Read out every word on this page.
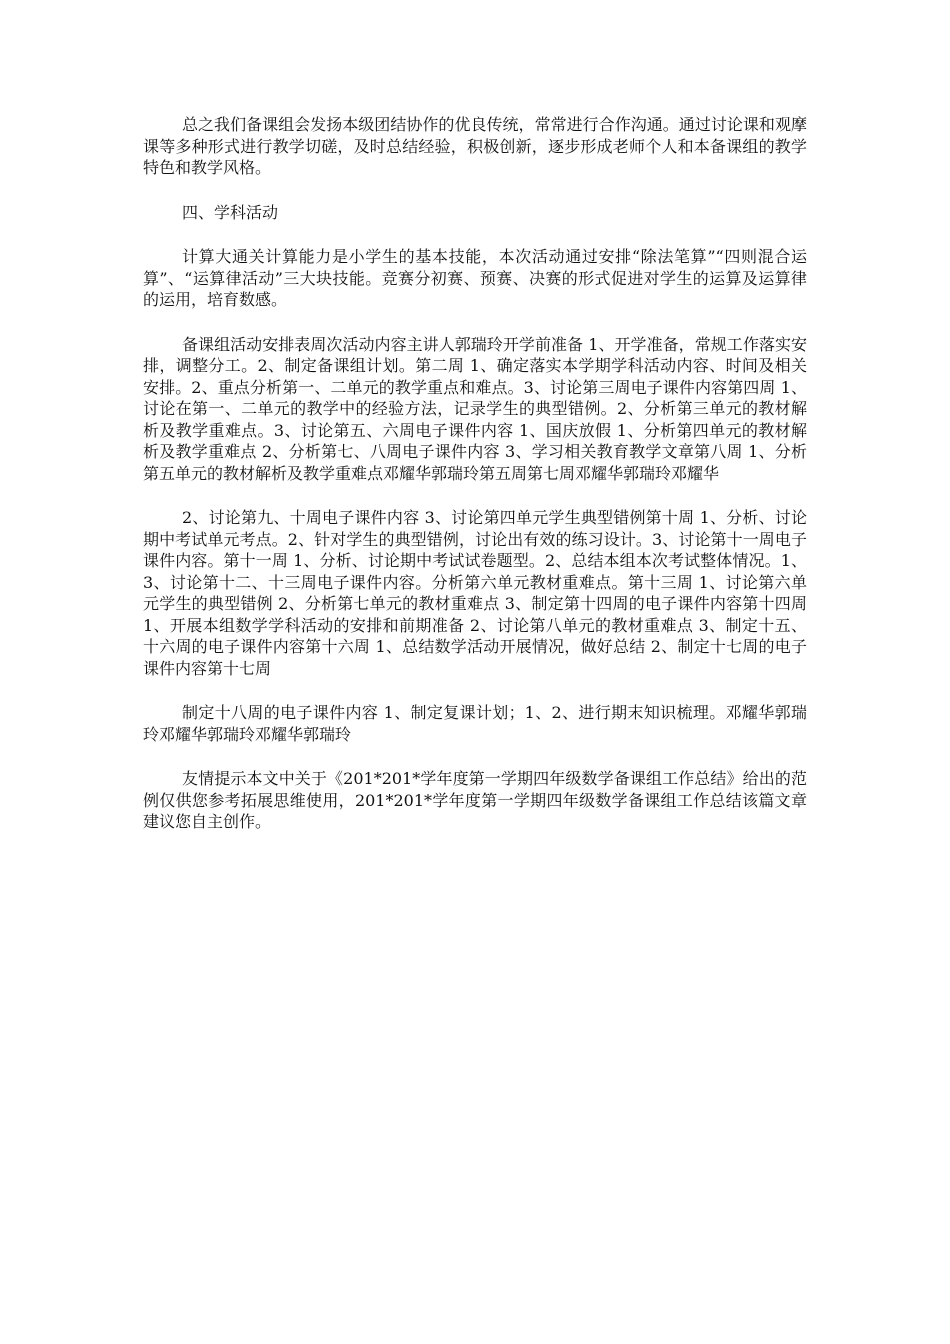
总之我们备课组会发扬本级团结协作的优良传统，常常进行合作沟通。通过讨论课和观摩课等多种形式进行教学切磋，及时总结经验，积极创新，逐步形成老师个人和本备课组的教学特色和教学风格。

四、学科活动

计算大通关计算能力是小学生的基本技能，本次活动通过安排“除法笔算”“四则混合运算”、“运算律活动”三大块技能。竞赛分初赛、预赛、决赛的形式促进对学生的运算及运算律的运用，培育数感。

备课组活动安排表周次活动内容主讲人郭瑞玲开学前准备 1、开学准备，常规工作落实安排，调整分工。2、制定备课组计划。第二周 1、确定落实本学期学科活动内容、时间及相关安排。2、重点分析第一、二单元的教学重点和难点。3、讨论第三周电子课件内容第四周 1、讨论在第一、二单元的教学中的经验方法，记录学生的典型错例。2、分析第三单元的教材解析及教学重难点。3、讨论第五、六周电子课件内容 1、国庆放假 1、分析第四单元的教材解析及教学重难点 2、分析第七、八周电子课件内容 3、学习相关教育教学文章第八周 1、分析第五单元的教材解析及教学重难点邓耀华郭瑞玲第五周第七周邓耀华郭瑞玲邓耀华

2、讨论第九、十周电子课件内容 3、讨论第四单元学生典型错例第十周 1、分析、讨论期中考试单元考点。2、针对学生的典型错例，讨论出有效的练习设计。3、讨论第十一周电子课件内容。第十一周 1、分析、讨论期中考试试卷题型。2、总结本组本次考试整体情况。1、3、讨论第十二、十三周电子课件内容。分析第六单元教材重难点。第十三周 1、讨论第六单元学生的典型错例 2、分析第七单元的教材重难点 3、制定第十四周的电子课件内容第十四周 1、开展本组数学学科活动的安排和前期准备 2、讨论第八单元的教材重难点 3、制定十五、十六周的电子课件内容第十六周 1、总结数学活动开展情况，做好总结 2、制定十七周的电子课件内容第十七周

制定十八周的电子课件内容 1、制定复课计划；1、2、进行期末知识梳理。邓耀华郭瑞玲邓耀华郭瑞玲邓耀华郭瑞玲

友情提示本文中关于《201*201*学年度第一学期四年级数学备课组工作总结》给出的范例仅供您参考拓展思维使用，201*201*学年度第一学期四年级数学备课组工作总结该篇文章建议您自主创作。
